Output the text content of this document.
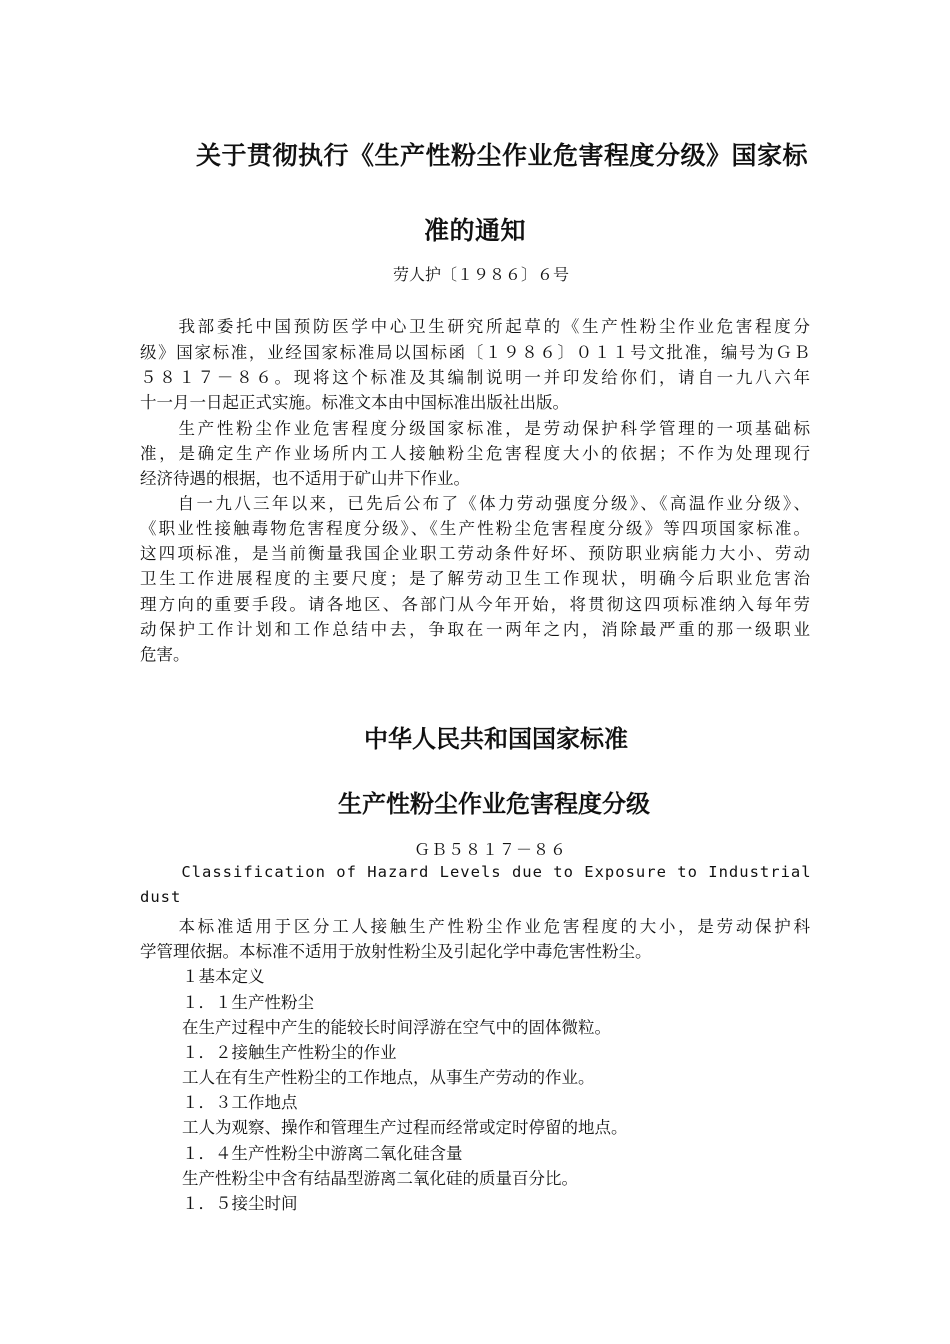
关于贯彻执行《生产性粉尘作业危害程度分级》国家标
准的通知
劳人护〔１９８６〕６号
　　我部委托中国预防医学中心卫生研究所起草的《生产性粉尘作业危害程度分
级》国家标准，业经国家标准局以国标函〔１９８６〕０１１号文批准，编号为ＧＢ
５８１７－８６。现将这个标准及其编制说明一并印发给你们，请自一九八六年
十一月一日起正式实施。标准文本由中国标准出版社出版。
　　生产性粉尘作业危害程度分级国家标准，是劳动保护科学管理的一项基础标
准，是确定生产作业场所内工人接触粉尘危害程度大小的依据；不作为处理现行
经济待遇的根据，也不适用于矿山井下作业。
　　自一九八三年以来，已先后公布了《体力劳动强度分级》、《高温作业分级》、
《职业性接触毒物危害程度分级》、《生产性粉尘危害程度分级》等四项国家标准。
这四项标准，是当前衡量我国企业职工劳动条件好坏、预防职业病能力大小、劳动
卫生工作进展程度的主要尺度；是了解劳动卫生工作现状，明确今后职业危害治
理方向的重要手段。请各地区、各部门从今年开始，将贯彻这四项标准纳入每年劳
动保护工作计划和工作总结中去，争取在一两年之内，消除最严重的那一级职业
危害。
中华人民共和国国家标准
生产性粉尘作业危害程度分级
ＧＢ５８１７－８６
Classification of Hazard Levels due to Exposure to Industrial
dust
　　本标准适用于区分工人接触生产性粉尘作业危害程度的大小，是劳动保护科
学管理依据。本标准不适用于放射性粉尘及引起化学中毒危害性粉尘。
１基本定义
１．１生产性粉尘
在生产过程中产生的能较长时间浮游在空气中的固体微粒。
１．２接触生产性粉尘的作业
工人在有生产性粉尘的工作地点，从事生产劳动的作业。
１．３工作地点
工人为观察、操作和管理生产过程而经常或定时停留的地点。
１．４生产性粉尘中游离二氧化硅含量
生产性粉尘中含有结晶型游离二氧化硅的质量百分比。
１．５接尘时间
